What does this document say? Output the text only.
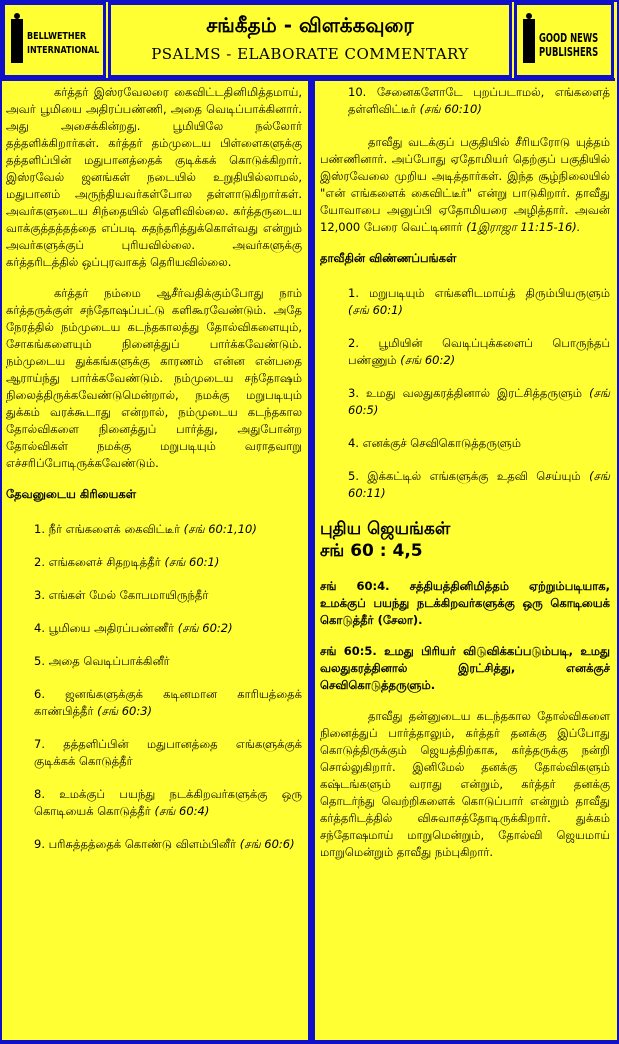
BELLWETHER
INTERNATIONAL
சங்கீதம் - விளக்கவுரை
PSALMS - ELABORATE COMMENTARY
GOOD NEWS
PUBLISHERS

கர்த்தர் இஸ்ரவேலரை கைவிட்டதினிமித்தமாய், அவர் பூமியை அதிரப்பண்ணி, அதை வெடிப்பாக்கினார். அது அசைக்கின்றது. பூமியிலே நல்லோர் தத்தளிக்கிறார்கள். கர்த்தர் தம்முடைய பிள்ளைகளுக்கு தத்தளிப்பின் மதுபானத்தைக் குடிக்கக் கொடுக்கிறார். இஸ்ரவேல் ஜனங்கள் நடையில் உறுதியில்லாமல், மதுபானம் அருந்தியவர்கள்போல தள்ளாடுகிறார்கள். அவர்களுடைய சிந்தையில் தெளிவில்லை. கர்த்தருடைய வாக்குத்தத்தத்தை எப்படி சுதந்தரித்துக்கொள்வது என்றும் அவர்களுக்குப் புரியவில்லை. அவர்களுக்கு கர்த்தரிடத்தில் ஒப்புரவாகத் தெரியவில்லை.

கர்த்தர் நம்மை ஆசீர்வதிக்கும்போது நாம் கர்த்தருக்குள் சந்தோஷப்பட்டு களிகூரவேண்டும். அதே நேரத்தில் நம்முடைய கடந்தகாலத்து தோல்விகளையும், சோகங்களையும் நினைத்துப் பார்க்கவேண்டும். நம்முடைய துக்கங்களுக்கு காரணம் என்ன என்பதை ஆராய்ந்து பார்க்கவேண்டும். நம்முடைய சந்தோஷம் நிலைத்திருக்கவேண்டுமென்றால், நமக்கு மறுபடியும் துக்கம் வரக்கூடாது என்றால், நம்முடைய கடந்தகால தோல்விகளை நினைத்துப் பார்த்து, அதுபோன்ற தோல்விகள் நமக்கு மறுபடியும் வராதவாறு எச்சரிப்போடிருக்கவேண்டும்.

தேவனுடைய கிரியைகள்
1. நீர் எங்களைக் கைவிட்டீர் (சங் 60:1,10)
2. எங்களைச் சிதறடித்தீர் (சங் 60:1)
3. எங்கள் மேல் கோபமாயிருந்தீர்
4. பூமியை அதிரப்பண்ணீர் (சங் 60:2)
5. அதை வெடிப்பாக்கினீர்
6. ஜனங்களுக்குக் கடினமான காரியத்தைக் காண்பித்தீர் (சங் 60:3)
7. தத்தளிப்பின் மதுபானத்தை எங்களுக்குக் குடிக்கக் கொடுத்தீர்
8. உமக்குப் பயந்து நடக்கிறவர்களுக்கு ஒரு கொடியைக் கொடுத்தீர் (சங் 60:4)
9. பரிசுத்தத்தைக் கொண்டு விளம்பினீர் (சங் 60:6)
10. சேனைகளோடே புறப்படாமல், எங்களைத் தள்ளிவிட்டீர் (சங் 60:10)

தாவீது வடக்குப் பகுதியில் சீரியரோடு யுத்தம் பண்ணினார். அப்போது ஏதோமியர் தெற்குப் பகுதியில் இஸ்ரவேலை முறிய அடித்தார்கள். இந்த சூழ்நிலையில் "என் எங்களைக் கைவிட்டீர்" என்று பாடுகிறார். தாவீது யோவாபை அனுப்பி ஏதோமியரை அழித்தார். அவன் 12,000 பேரை வெட்டினார் (1இராஜா 11:15-16).

தாவீதின் விண்ணப்பங்கள்
1. மறுபடியும் எங்களிடமாய்த் திரும்பியருளும் (சங் 60:1)
2. பூமியின் வெடிப்புக்களைப் பொருந்தப் பண்ணும் (சங் 60:2)
3. உமது வலதுகரத்தினால் இரட்சித்தருளும் (சங் 60:5)
4. எனக்குச் செவிகொடுத்தருளும்
5. இக்கட்டில் எங்களுக்கு உதவி செய்யும் (சங் 60:11)
புதிய ஜெயங்கள்
சங் 60 : 4,5

சங் 60:4. சத்தியத்தினிமித்தம் ஏற்றும்படியாக, உமக்குப் பயந்து நடக்கிறவர்களுக்கு ஒரு கொடியைக் கொடுத்தீர் (சேலா).

சங் 60:5. உமது பிரியர் விடுவிக்கப்படும்படி, உமது வலதுகரத்தினால் இரட்சித்து, எனக்குச் செவிகொடுத்தருளும்.

தாவீது தன்னுடைய கடந்தகால தோல்விகளை நினைத்துப் பார்த்தாலும், கர்த்தர் தனக்கு இப்போது கொடுத்திருக்கும் ஜெயத்திற்காக, கர்த்தருக்கு நன்றி சொல்லுகிறார். இனிமேல் தனக்கு தோல்விகளும் கஷ்டங்களும் வராது என்றும், கர்த்தர் தனக்கு தொடர்ந்து வெற்றிகளைக் கொடுப்பார் என்றும் தாவீது கர்த்தரிடத்தில் விசுவாசத்தோடிருக்கிறார். துக்கம் சந்தோஷமாய் மாறுமென்றும், தோல்வி ஜெயமாய் மாறுமென்றும் தாவீது நம்புகிறார்.
